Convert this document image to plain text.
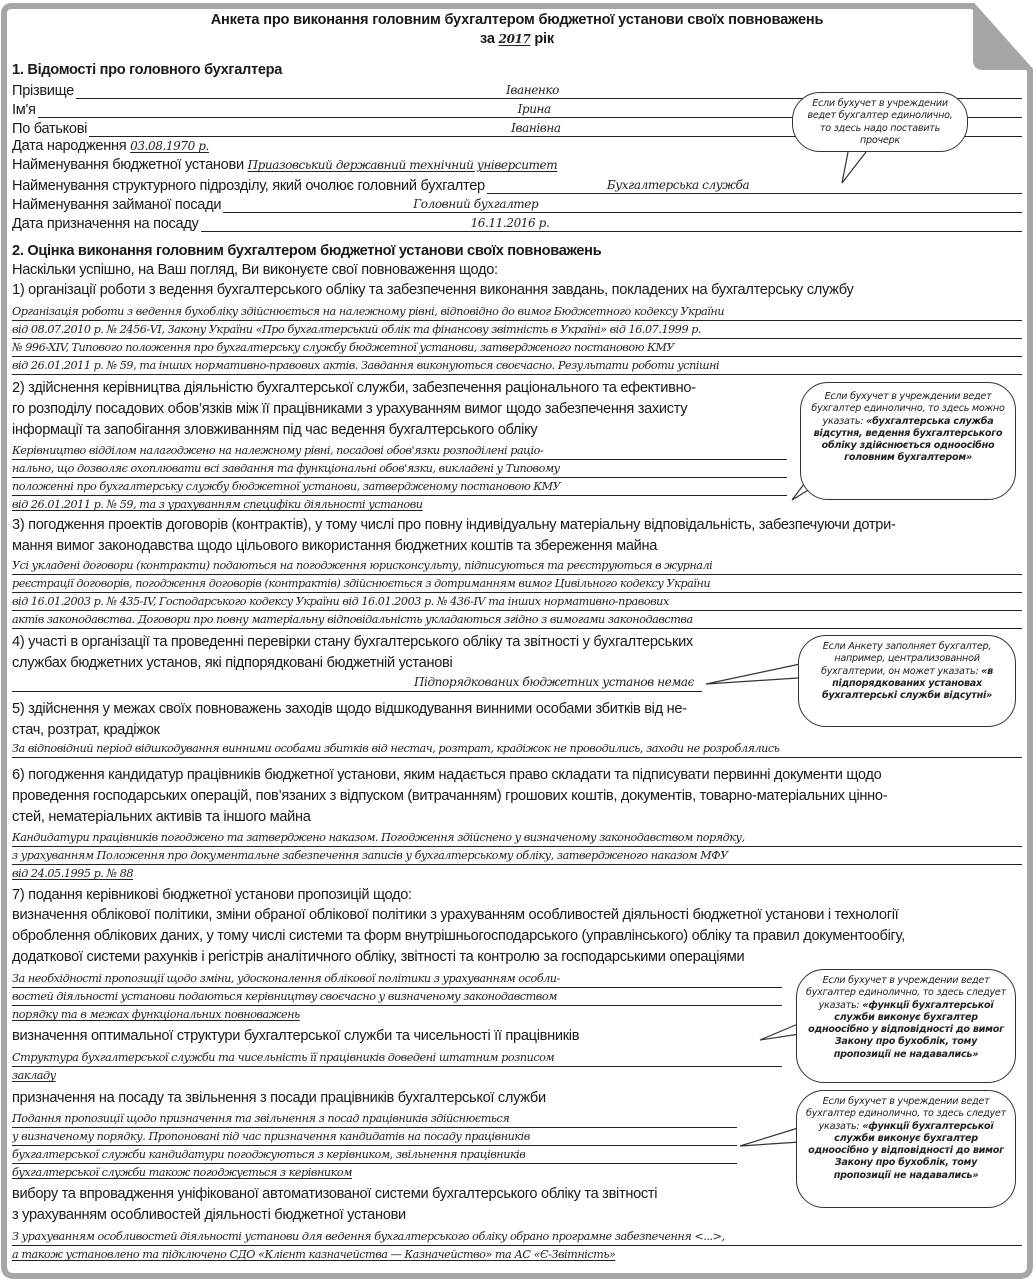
Анкета про виконання головним бухгалтером бюджетної установи своїх повноважень
за 2017 рік
1. Відомості про головного бухгалтера
Прізвище	Іваненко
Ім'я	Ірина
По батькові	Іванівна
Дата народження 03.08.1970 р.
Найменування бюджетної установи Приазовський державний технічний університет
Найменування структурного підрозділу, який очолює головний бухгалтер	Бухгалтерська служба
Найменування займаної посади	Головний бухгалтер
Дата призначення на посаду	16.11.2016 р.
2. Оцінка виконання головним бухгалтером бюджетної установи своїх повноважень
Наскільки успішно, на Ваш погляд, Ви виконуєте свої повноваження щодо:
1) організації роботи з ведення бухгалтерського обліку та забезпечення виконання завдань, покладених на бухгалтерську службу
Організація роботи з ведення бухобліку здійснюється на належному рівні, відповідно до вимог Бюджетного кодексу України
від 08.07.2010 р. № 2456-VI, Закону України «Про бухгалтерський облік та фінансову звітність в Україні» від 16.07.1999 р.
№ 996-XIV, Типового положення про бухгалтерську службу бюджетної установи, затвердженого постановою КМУ
від 26.01.2011 р. № 59, та інших нормативно-правових актів. Завдання виконуються своєчасно. Результати роботи успішні
2) здійснення керівництва діяльністю бухгалтерської служби, забезпечення раціонального та ефективно-
го розподілу посадових обов’язків між її працівниками з урахуванням вимог щодо забезпечення захисту
інформації та запобігання зловживанням під час ведення бухгалтерського обліку
Керівництво відділом налагоджено на належному рівні, посадові обов'язки розподілені раціо-
нально, що дозволяє охоплювати всі завдання та функціональні обов'язки, викладені у Типовому
положенні про бухгалтерську службу бюджетної установи, затвердженому постановою КМУ
від 26.01.2011 р. № 59, та з урахуванням специфіки діяльності установи
3) погодження проектів договорів (контрактів), у тому числі про повну індивідуальну матеріальну відповідальність, забезпечуючи дотри-
мання вимог законодавства щодо цільового використання бюджетних коштів та збереження майна
Усі укладені договори (контракти) подаються на погодження юрисконсульту, підписуються та реєструються в журналі
реєстрації договорів, погодження договорів (контрактів) здійснюється з дотриманням вимог Цивільного кодексу України
від 16.01.2003 р. № 435-IV, Господарського кодексу України від 16.01.2003 р. № 436-IV та інших нормативно-правових
актів законодавства. Договори про повну матеріальну відповідальність укладаються згідно з вимогами законодавства
4) участі в організації та проведенні перевірки стану бухгалтерського обліку та звітності у бухгалтерських
службах бюджетних установ, які підпорядковані бюджетній установі
Підпорядкованих бюджетних установ немає
5) здійснення у межах своїх повноважень заходів щодо відшкодування винними особами збитків від не-
стач, розтрат, крадіжок
За відповідний період відшкодування винними особами збитків від нестач, розтрат, крадіжок не проводились, заходи не розроблялись
6) погодження кандидатур працівників бюджетної установи, яким надається право складати та підписувати первинні документи щодо
проведення господарських операцій, пов’язаних з відпуском (витрачанням) грошових коштів, документів, товарно-матеріальних цінно-
стей, нематеріальних активів та іншого майна
Кандидатури працівників погоджено та затверджено наказом. Погодження здійснено у визначеному законодавством порядку,
з урахуванням Положення про документальне забезпечення записів у бухгалтерському обліку, затвердженого наказом МФУ
від 24.05.1995 р. № 88
7) подання керівникові бюджетної установи пропозицій щодо:
визначення облікової політики, зміни обраної облікової політики з урахуванням особливостей діяльності бюджетної установи і технології
оброблення облікових даних, у тому числі системи та форм внутрішньогосподарського (управлінського) обліку та правил документообігу,
додаткової системи рахунків і регістрів аналітичного обліку, звітності та контролю за господарськими операціями
За необхідності пропозиції щодо зміни, удосконалення облікової політики з урахуванням особли-
востей діяльності установи подаються керівництву своєчасно у визначеному законодавством
порядку та в межах функціональних повноважень
визначення оптимальної структури бухгалтерської служби та чисельності її працівників
Структура бухгалтерської служби та чисельність її працівників доведені штатним розписом
закладу
призначення на посаду та звільнення з посади працівників бухгалтерської служби
Подання пропозиції щодо призначення та звільнення з посад працівників здійснюється
у визначеному порядку. Пропоновані під час призначення кандидатів на посаду працівників
бухгалтерської служби кандидатури погоджуються з керівником, звільнення працівників
бухгалтерської служби також погоджується з керівником
вибору та впровадження уніфікованої автоматизованої системи бухгалтерського обліку та звітності
з урахуванням особливостей діяльності бюджетної установи
З урахуванням особливостей діяльності установи для ведення бухгалтерського обліку обрано програмне забезпечення <...>,
а також установлено та підключено СДО «Клієнт казначейства — Казначейство» та АС «Є-Звітність»
Если бухучет в учреждении ведет бухгалтер единолично, то здесь надо поставить прочерк
Если бухучет в учреждении ведет бухгалтер единолично, то здесь можно указать: «бухгалтерська служба відсутня, ведення бухгалтерського обліку здійснюється одноосібно головним бухгалтером»
Если Анкету заполняет бухгалтер, например, централизованной бухгалтерии, он может указать: «в підпорядкованих установах бухгалтерські служби відсутні»
Если бухучет в учреждении ведет бухгалтер единолично, то здесь следует указать: «функції бухгалтерської служби виконує бухгалтер одноосібно у відповідності до вимог Закону про бухоблік, тому пропозиції не надавались»
Если бухучет в учреждении ведет бухгалтер единолично, то здесь следует указать: «функції бухгалтерської служби виконує бухгалтер одноосібно у відповідності до вимог Закону про бухоблік, тому пропозиції не надавались»
